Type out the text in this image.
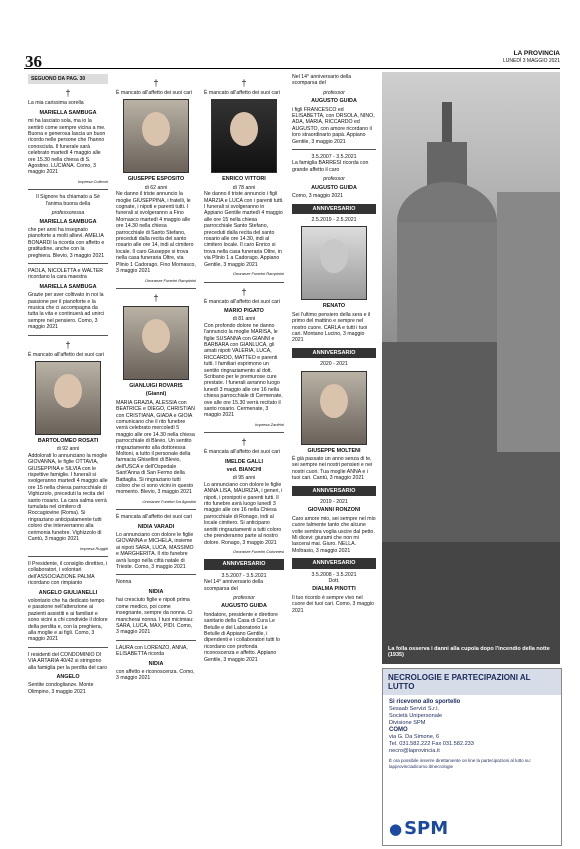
36	LA PROVINCIA
LUNEDÌ 3 MAGGIO 2021
SEGUONO DA PAG. 30
†

La mia carissima sorella

MARIELLA SAMBUGA

mi ha lasciato sola, ma io la sentirò come sempre vicina a me. Buona e generosa lascia un buon ricordo nelle persone che l'hanno conosciuta. Il funerale sarà celebrato martedì 4 maggio alle ore 15.30 nella chiesa di S. Agostino. LUCIANA. Como, 3 maggio 2021

Impresa Colleoni

Il Signore ha chiamato a Sé l'anima buona della

professoressa
MARIELLA SAMBUGA

che per anni ha insegnato pianoforte a molti allievi. AMELIA BONARDI la ricorda con affetto e gratitudine, anche con la preghiera. Blevio, 3 maggio 2021

PAOLA, NICOLETTA e WALTER ricordano la cara maestra

MARIELLA SAMBUGA

Grazie per aver coltivato in noi la passione per il pianoforte e la musica che ci accompagna da tutta la vita e continuerà ad unirci sempre nel pensiero. Como, 3 maggio 2021

†

È mancato all'affetto dei suoi cari

BARTOLOMEO ROSATI
di 92 anni

Addolorati lo annunciano la moglie GIOVANNA, le figlie OTTAVIA, GIUSEPPINA e SILVIA con le rispettive famiglie. I funerali si svolgeranno martedì 4 maggio alle ore 15 nella chiesa parrocchiale di Vighizzolo, preceduti la recita del santo rosario. La cara salma verrà tumulata nel cimitero di Roccagiovine (Roma). Si ringraziano anticipatamente tutti coloro che interverranno alla cerimonia funebre. Vighizzolo di Cantù, 3 maggio 2021

Impresa Ruggiti

Il Presidente, il consiglio direttivo, i collaboratori, i volontari dell'ASSOCIAZIONE PALMA ricordano con rimpianto

ANGELO GIULIANELLI

volontario che ha dedicato tempo e passione nell'attenzione ai pazienti assistiti e ai familiari e sono vicini a chi condivide il dolore della perdita e, con la preghiera, alla moglie e ai figli. Como, 3 maggio 2021

I residenti del CONDOMINIO DI VIA ARTARIA 40/42 si stringono alla famiglia per la perdita del caro

ANGELO

Sentite condoglianze. Monte Olimpino, 3 maggio 2021

†

È mancato all'affetto dei suoi cari

GIUSEPPE ESPOSITO
di 62 anni

Ne danno il triste annuncio la moglie GIUSEPPINA, i fratelli, le cognate, i nipoti e parenti tutti. I funerali si svolgeranno a Fino Mornasco martedì 4 maggio alle ore 14.30 nella chiesa parrocchiale di Santo Stefano, preceduti dalla recita del santo rosario alle ore 14, indi al cimitero locale. Il caro Giuseppe si trova nella casa funeraria Oltre, via Plinio 1 Cadorago. Fino Mornasco, 3 maggio 2021

Onoranze Funebri Rampinini
†
GIANLUIGI ROVARIS
(Gianni)

MARIA GRAZIA, ALESSIA con BEATRICE e DIEGO, CHRISTIAN con CRISTIANA, GIADA e GIOIA comunicano che il rito funebre verrà celebrato mercoledì 5 maggio alle ore 14.30 nella chiesa parrocchiale di Blevio. Un sentito ringraziamento alla dottoressa Moltoni, a tutto il personale della farmacia Ghisellini di Blevio, dell'USCA e dell'Ospedale Sant'Anna di San Fermo della Battaglia. Si ringraziano tutti coloro che ci sono vicini in questo momento. Blevio, 3 maggio 2021

Onoranze Funebri Da Agostini

È mancata all'affetto dei suoi cari

NIDIA VARADI

Lo annunciano con dolore le figlie GIOVANNA e MICHELA, insieme ai nipoti SARA, LUCA, MASSIMO e MARGHERITA. Il rito funebre avrà luogo nella città natale di Trieste. Como, 3 maggio 2021

Nonna

NIDIA

hai cresciuto figlie e nipoti prima come medico, poi come insegnante, sempre da nonna. Ci mancherai nonna. I tuoi micimiau: SARA, LUCA, MAX, PIDI. Como, 3 maggio 2021

LAURA con LORENZO, ANNA, ELISABETTA ricorda

NIDIA

con affetto e riconoscenza. Como, 3 maggio 2021

†

È mancato all'affetto dei suoi cari

ENRICO VITTORI
di 78 anni

Ne danno il triste annuncio i figli MARZIA e LUCA con i parenti tutti. I funerali si svolgeranno in Appiano Gentile martedì 4 maggio alle ore 15 nella chiesa parrocchiale Santo Stefano, preceduti dalla recita del santo rosario alle ore 14.30, indi al cimitero locale. Il caro Enrico si trova nella casa funeraria Oltre, in via Plinio 1 a Cadorago. Appiano Gentile, 3 maggio 2021

Onoranze Funebri Rampinini
†

È mancato all'affetto dei suoi cari

MARIO PIGATO
di 81 anni

Con profondo dolore ne danno l'annuncio la moglie MARISA, le figlie SUSANNA con GIANNI e BARBARA con GIANLUCA, gli amati nipoti VALERIA, LUCA, RICCARDO, MATTEO e parenti tutti. I familiari esprimono un sentito ringraziamento al dott. Scribano per le premurose cure prestate. I funerali avranno luogo lunedì 3 maggio alle ore 16 nella chiesa parrocchiale di Cermenate, ove alle ore 15.30 verrà recitato il santo rosario. Cermenate, 3 maggio 2021

Impresa Zanfrini
†

È mancata all'affetto dei suoi cari

IMELDE GALLI
ved. BIANCHI
di 95 anni

Lo annunciano con dolore le figlie ANNA LISA, MAURIZIA, i generi, i nipoti, i pronipoti e parenti tutti. Il rito funebre avrà luogo lunedì 3 maggio alle ore 16 nella Chiesa parrocchiale di Ronago, indi al locale cimitero. Si anticipano sentiti ringraziamenti a tutti coloro che prenderanno parte al nostro dolore. Ronago, 3 maggio 2021

Onoranze Funebri Colonnesi
ANNIVERSARIO
3.5.2007 - 3.5.2021

Nel 14° anniversario della scomparsa del

professor
AUGUSTO GUIDA

fondatore, presidente e direttore sanitario della Casa di Cura Le Betulle e del Laboratorio Le Betulle di Appiano Gentile, i dipendenti e i collaboratori tutti lo ricordano con profonda riconoscenza e affetto. Appiano Gentile, 3 maggio 2021

Nel 14° anniversario della scomparsa del

professor
AUGUSTO GUIDA

i figli FRANCESCO ed ELISABETTA, con ORSOLA, NINO, ADA, MARIA, RICCARDO ed AUGUSTO, con amore ricordano il loro straordinario papà. Appiano Gentile, 3 maggio 2021

3.5.2007 - 3.5.2021

La famiglia BARRESI ricorda con grande affetto il caro

professor
AUGUSTO GUIDA

Como, 3 maggio 2021

ANNIVERSARIO
2.5.2019 - 2.5.2021
RENATO

Sei l'ultimo pensiero della sera e il primo del mattino e sempre nel nostro cuore. CARLA e tutti i tuoi cari. Montano Lucino, 3 maggio 2021

ANNIVERSARIO
2020 - 2021
GIUSEPPE MOLTENI

È già passato un anno senza di te, sei sempre nei nostri pensieri e nei nostri cuori. Tua moglie ANNA e i tuoi cari. Cantù, 3 maggio 2021

ANNIVERSARIO
2019 - 2021
GIOVANNI RONZONI

Caro amore mio, sei sempre nel mio cuore talmente tanto che alcune volte sembra voglia uscire dal petto. Mi dicevi: giurami che non mi lascerai mai. Giuro. NELLA. Moltrasio, 3 maggio 2021

ANNIVERSARIO
3.5.2008 - 3.5.2021
Dott.
DIALMA PINOTTI

Il tuo ricordo è sempre vivo nel cuore dei tuoi cari. Como, 3 maggio 2021

La folla osserva i danni alla cupola dopo l'incendio della notte (1935)
NECROLOGIE E PARTECIPAZIONI AL LUTTO
Si ricevono allo sportello
Sesaab Servizi S.r.l.
Società Unipersonale
Divisione SPM
COMO
via G. Da Simone, 6
Tel. 031.582.222 Fax 031.582.233
necro@laprovincia.it
È ora possibile inserire direttamente on line la partecipazioni al lutto su: lapprovinciadicomo.it/necrologie
● SPM
